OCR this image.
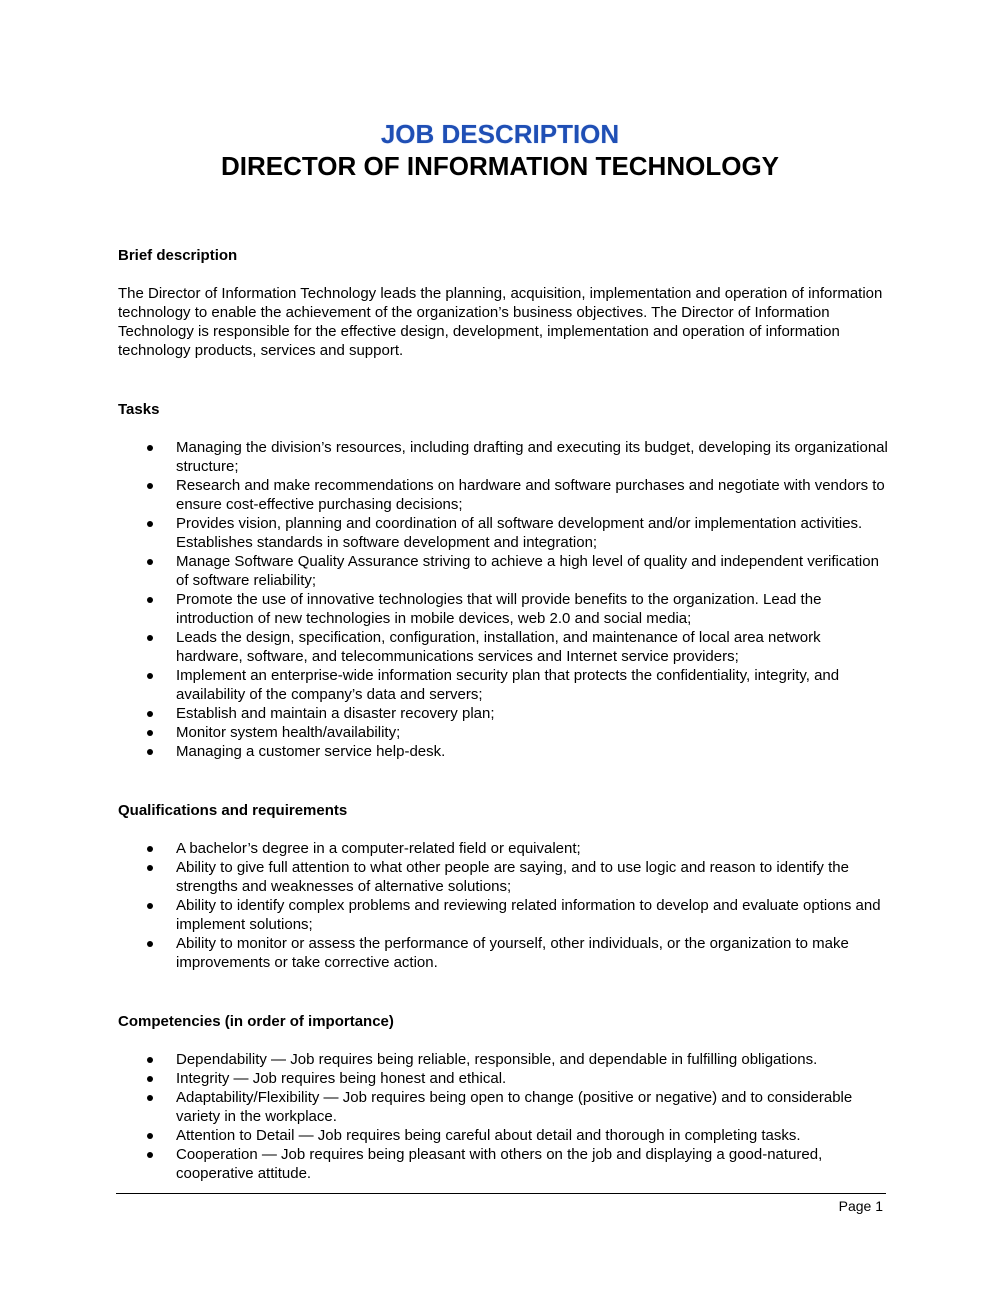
JOB DESCRIPTION
DIRECTOR OF INFORMATION TECHNOLOGY
Brief description

The Director of Information Technology leads the planning, acquisition, implementation and operation of information technology to enable the achievement of the organization’s business objectives. The Director of Information Technology is responsible for the effective design, development, implementation and operation of information technology products, services and support.

Tasks
Managing the division’s resources, including drafting and executing its budget, developing its organizational structure;
Research and make recommendations on hardware and software purchases and negotiate with vendors to ensure cost-effective purchasing decisions;
Provides vision, planning and coordination of all software development and/or implementation activities. Establishes standards in software development and integration;
Manage Software Quality Assurance striving to achieve a high level of quality and independent verification of software reliability;
Promote the use of innovative technologies that will provide benefits to the organization. Lead the introduction of new technologies in mobile devices, web 2.0 and social media;
Leads the design, specification, configuration, installation, and maintenance of local area network hardware, software, and telecommunications services and Internet service providers;
Implement an enterprise-wide information security plan that protects the confidentiality, integrity, and availability of the company’s data and servers;
Establish and maintain a disaster recovery plan;
Monitor system health/availability;
Managing a customer service help-desk.
Qualifications and requirements
A bachelor’s degree in a computer-related field or equivalent;
Ability to give full attention to what other people are saying, and to use logic and reason to identify the strengths and weaknesses of alternative solutions;
Ability to identify complex problems and reviewing related information to develop and evaluate options and implement solutions;
Ability to monitor or assess the performance of yourself, other individuals, or the organization to make improvements or take corrective action.
Competencies (in order of importance)
Dependability — Job requires being reliable, responsible, and dependable in fulfilling obligations.
Integrity — Job requires being honest and ethical.
Adaptability/Flexibility — Job requires being open to change (positive or negative) and to considerable variety in the workplace.
Attention to Detail — Job requires being careful about detail and thorough in completing tasks.
Cooperation — Job requires being pleasant with others on the job and displaying a good-natured, cooperative attitude.
Page 1
